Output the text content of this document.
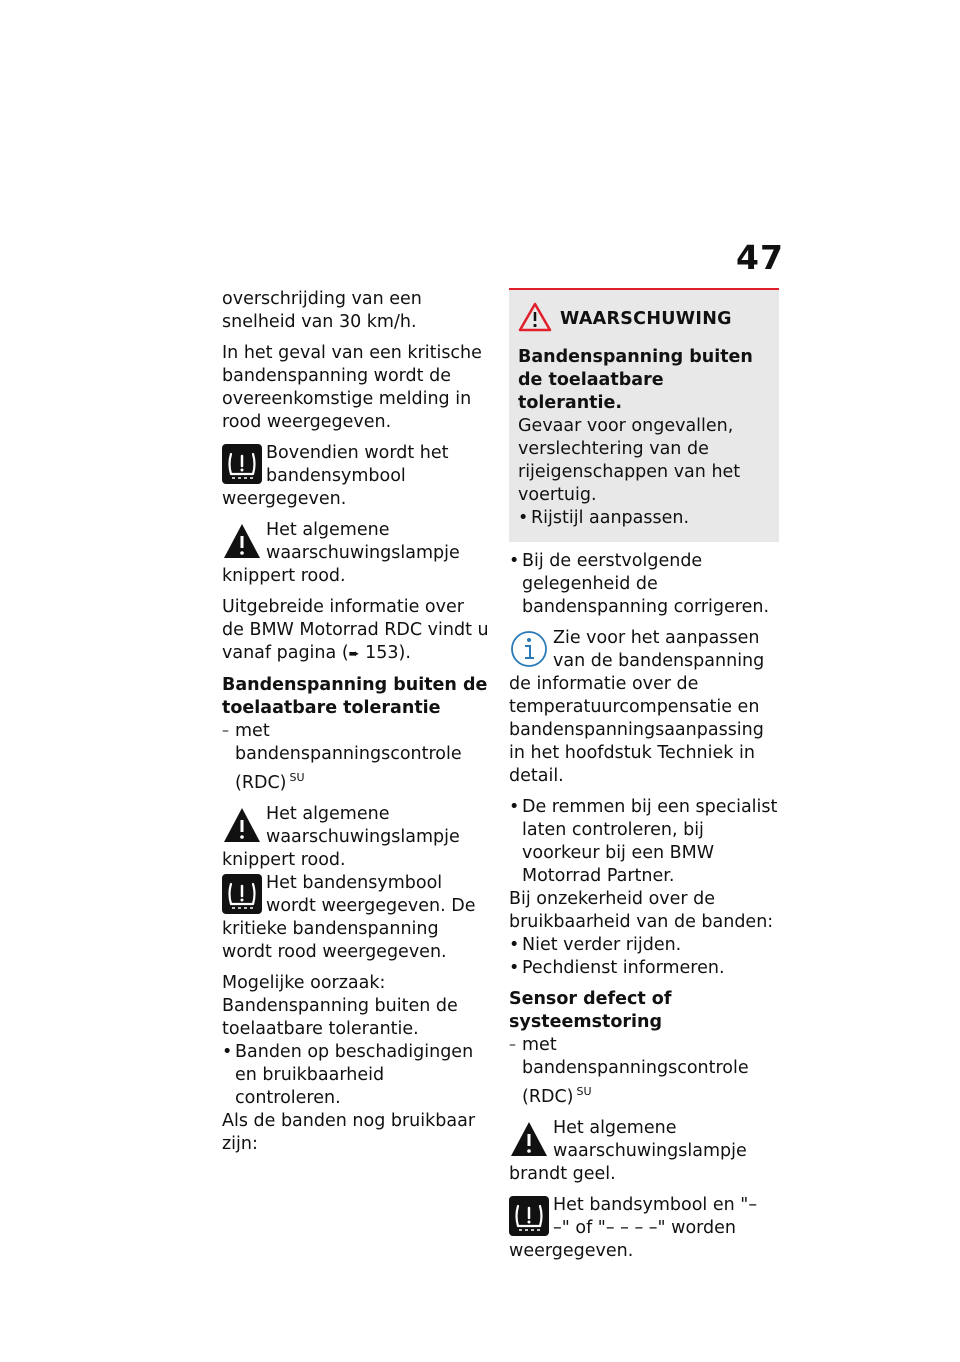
47

overschrijding van een snelheid van 30 km/h.

In het geval van een kritische bandenspanning wordt de overeenkomstige melding in rood weergegeven.

Bovendien wordt het bandensymbool weergegeven.
Het algemene waarschuwingslampje knippert rood.

Uitgebreide informatie over de BMW Motorrad RDC vindt u vanaf pagina (➨ 153).

Bandenspanning buiten de toelaatbare tolerantie

– met bandenspanningscontrole (RDC) $^{SU}$

Het algemene waarschuwingslampje knippert rood.
Het bandensymbool wordt weergegeven. De kritieke bandenspanning wordt rood weergegeven.

Mogelijke oorzaak:

Bandenspanning buiten de toelaatbare tolerantie.

• Banden op beschadigingen en bruikbaarheid controleren.

Als de banden nog bruikbaar zijn:

WAARSCHUWING

Bandenspanning buiten de toelaatbare tolerantie.

Gevaar voor ongevallen, verslechtering van de rijeigenschappen van het voertuig.

• Rijstijl aanpassen.

• Bij de eerstvolgende gelegenheid de bandenspanning corrigeren.

Zie voor het aanpassen van de bandenspanning de informatie over de temperatuurcompensatie en bandenspanningsaanpassing in het hoofdstuk Techniek in detail.

• De remmen bij een specialist laten controleren, bij voorkeur bij een BMW Motorrad Partner.

Bij onzekerheid over de bruikbaarheid van de banden:

• Niet verder rijden.

• Pechdienst informeren.

Sensor defect of systeemstoring

– met bandenspanningscontrole (RDC) $^{SU}$

Het algemene waarschuwingslampje brandt geel.
Het bandsymbool en "– –" of "– – – –" worden weergegeven.
